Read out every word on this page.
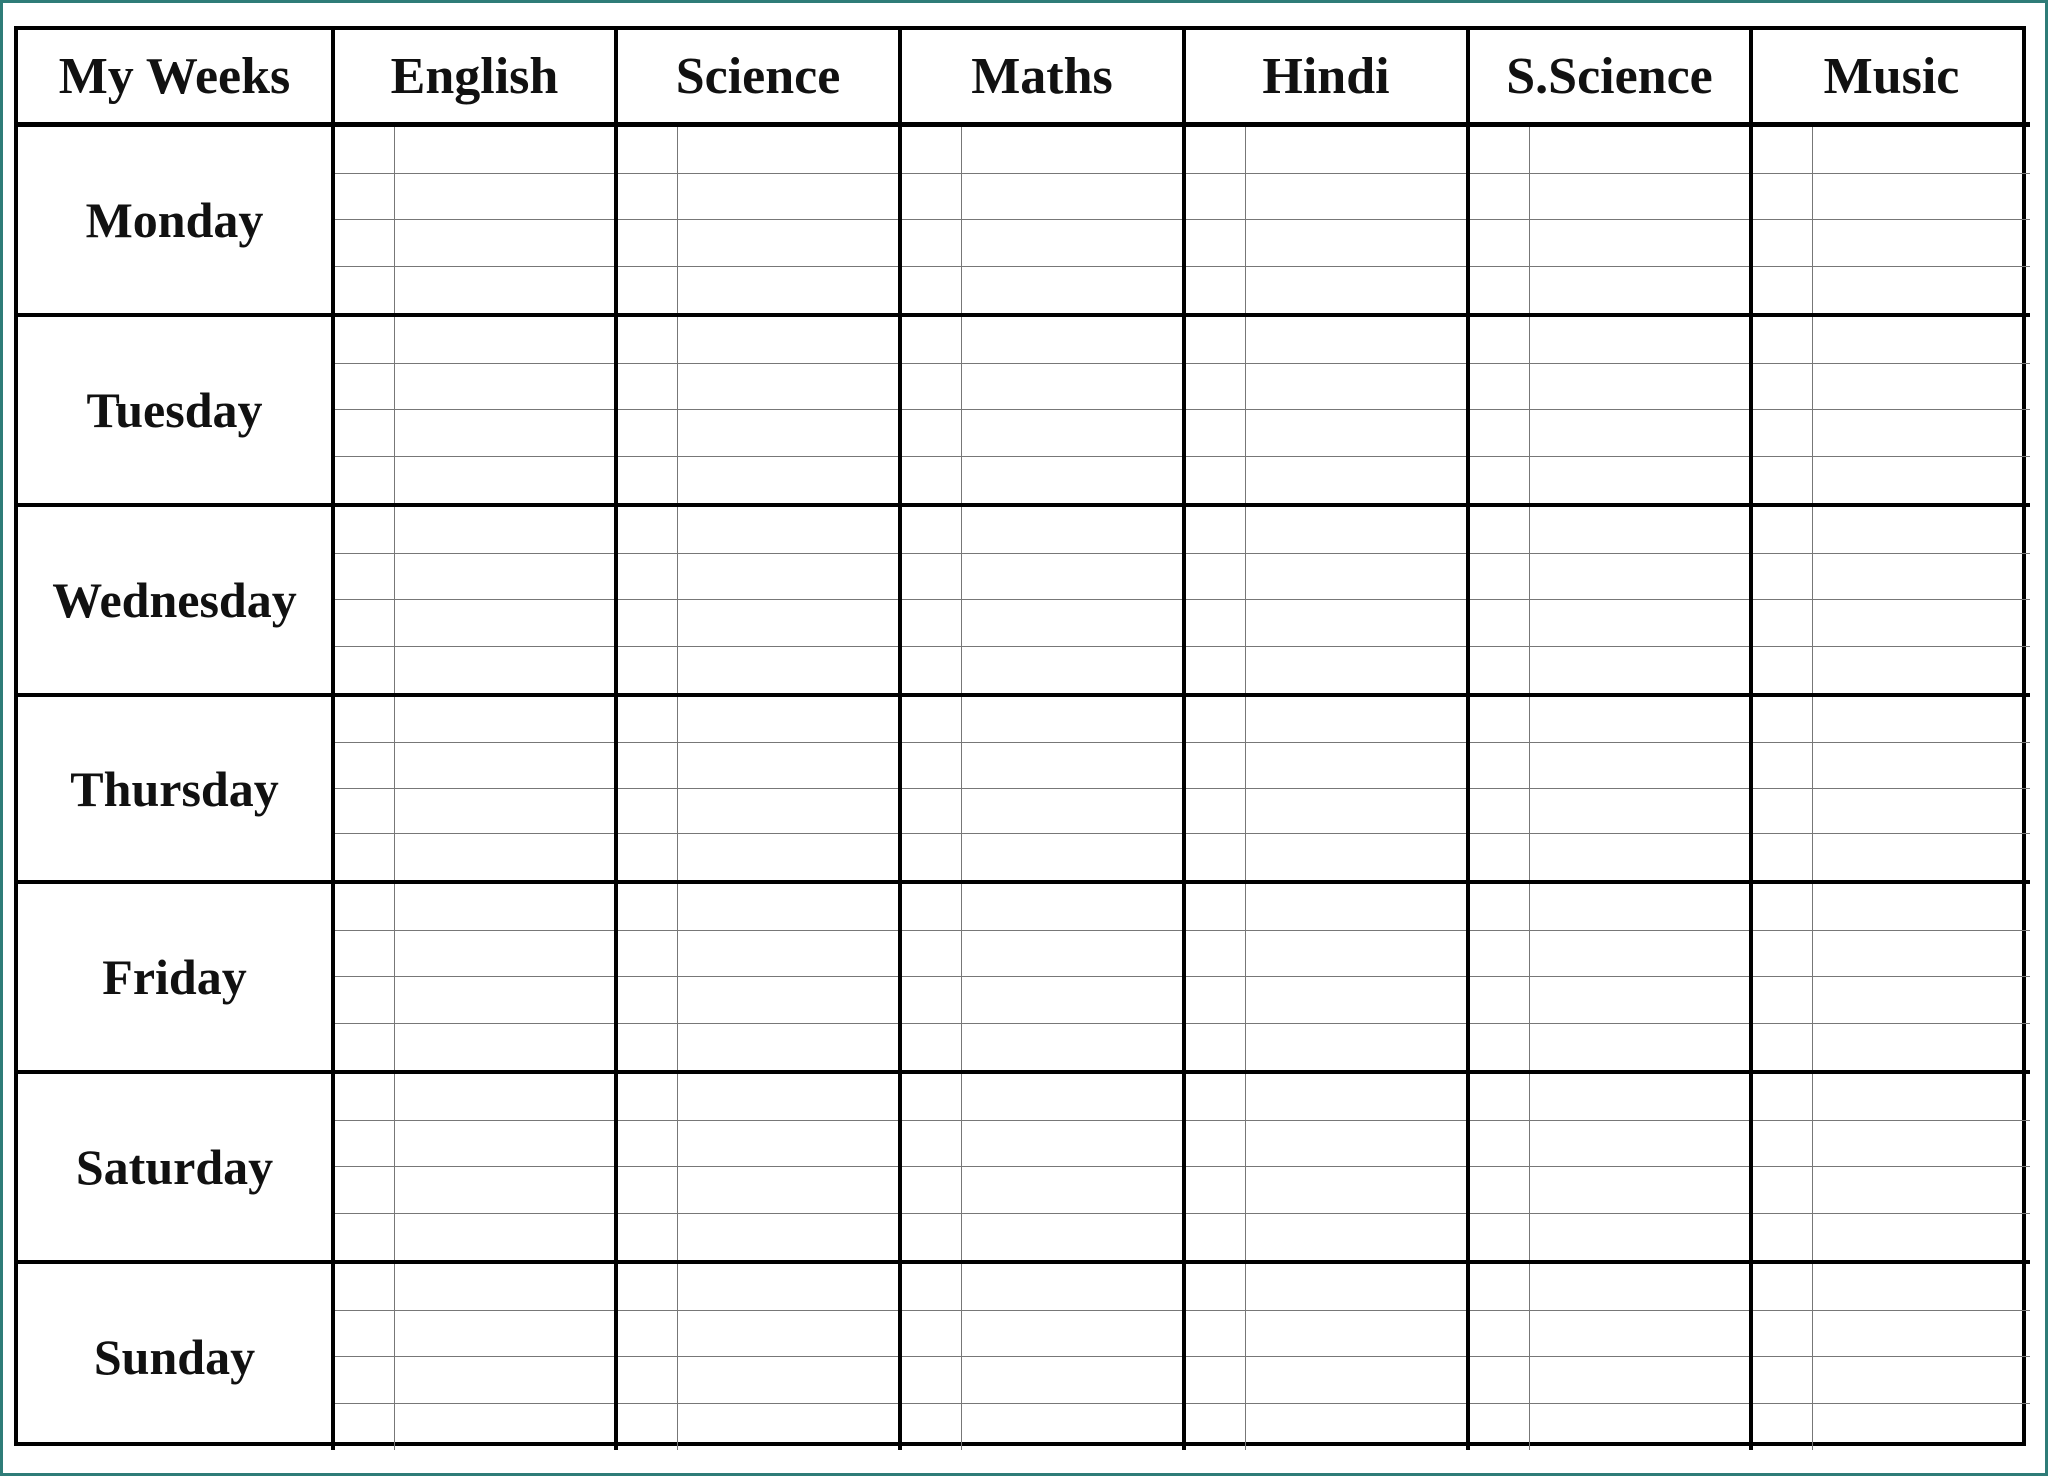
My Weeks	English	Science	Maths	Hindi	S.Science	Music
Monday
Tuesday
Wednesday
Thursday
Friday
Saturday
Sunday
